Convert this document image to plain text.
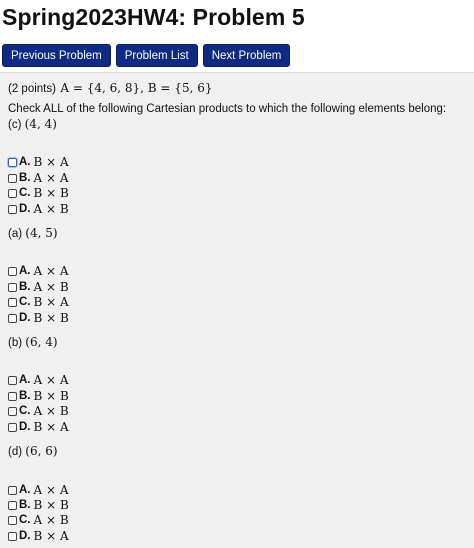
Spring2023HW4: Problem 5
Previous Problem	Problem List	Next Problem
(2 points) A = {4, 6, 8}, B = {5, 6}
Check ALL of the following Cartesian products to which the following elements belong:
(c) (4, 4)
A. B × A
B. A × A
C. B × B
D. A × B
(a) (4, 5)
A. A × A
B. A × B
C. B × A
D. B × B
(b) (6, 4)
A. A × A
B. B × B
C. A × B
D. B × A
(d) (6, 6)
A. A × A
B. B × B
C. A × B
D. B × A
